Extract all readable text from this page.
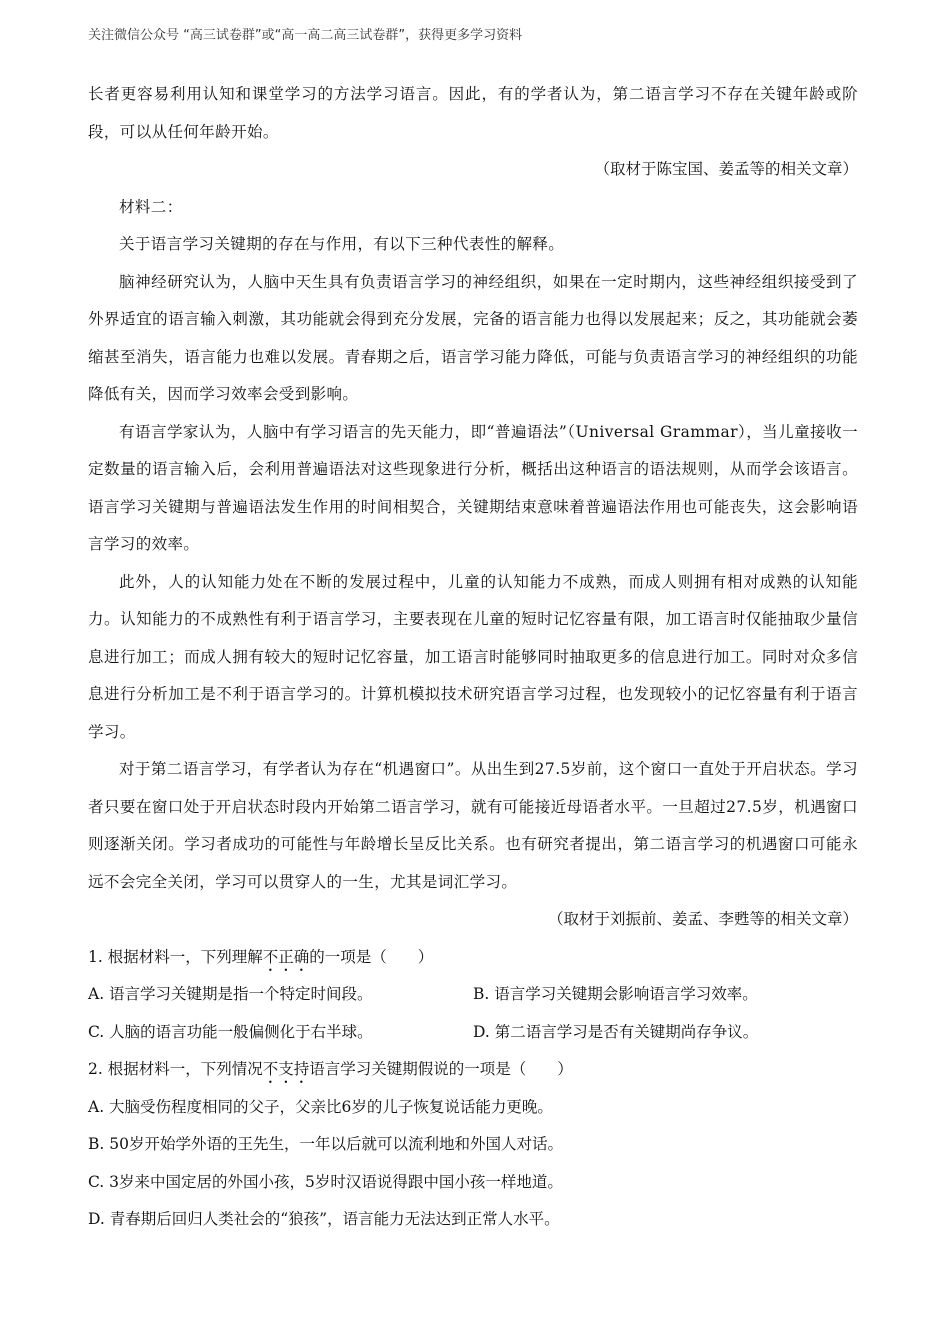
关注微信公众号 “高三试卷群”或“高一高二高三试卷群”，获得更多学习资料

长者更容易利用认知和课堂学习的方法学习语言。因此，有的学者认为，第二语言学习不存在关键年龄或阶段，可以从任何年龄开始。

（取材于陈宝国、姜孟等的相关文章）

材料二：

关于语言学习关键期的存在与作用，有以下三种代表性的解释。

脑神经研究认为，人脑中天生具有负责语言学习的神经组织，如果在一定时期内，这些神经组织接受到了外界适宜的语言输入刺激，其功能就会得到充分发展，完备的语言能力也得以发展起来；反之，其功能就会萎缩甚至消失，语言能力也难以发展。青春期之后，语言学习能力降低，可能与负责语言学习的神经组织的功能降低有关，因而学习效率会受到影响。

有语言学家认为，人脑中有学习语言的先天能力，即“普遍语法”（Universal Grammar），当儿童接收一定数量的语言输入后，会利用普遍语法对这些现象进行分析，概括出这种语言的语法规则，从而学会该语言。语言学习关键期与普遍语法发生作用的时间相契合，关键期结束意味着普遍语法作用也可能丧失，这会影响语言学习的效率。

此外，人的认知能力处在不断的发展过程中，儿童的认知能力不成熟，而成人则拥有相对成熟的认知能力。认知能力的不成熟性有利于语言学习，主要表现在儿童的短时记忆容量有限，加工语言时仅能抽取少量信息进行加工；而成人拥有较大的短时记忆容量，加工语言时能够同时抽取更多的信息进行加工。同时对众多信息进行分析加工是不利于语言学习的。计算机模拟技术研究语言学习过程，也发现较小的记忆容量有利于语言学习。

对于第二语言学习，有学者认为存在“机遇窗口”。从出生到27.5岁前，这个窗口一直处于开启状态。学习者只要在窗口处于开启状态时段内开始第二语言学习，就有可能接近母语者水平。一旦超过27.5岁，机遇窗口则逐渐关闭。学习者成功的可能性与年龄增长呈反比关系。也有研究者提出，第二语言学习的机遇窗口可能永远不会完全关闭，学习可以贯穿人的一生，尤其是词汇学习。

（取材于刘振前、姜孟、李甦等的相关文章）

1. 根据材料一，下列理解不正确的一项是（　　）

A. 语言学习关键期是指一个特定时间段。	B. 语言学习关键期会影响语言学习效率。
C. 人脑的语言功能一般偏侧化于右半球。	D. 第二语言学习是否有关键期尚存争议。

2. 根据材料一，下列情况不支持语言学习关键期假说的一项是（　　）

A. 大脑受伤程度相同的父子，父亲比6岁的儿子恢复说话能力更晚。

B. 50岁开始学外语的王先生，一年以后就可以流利地和外国人对话。

C. 3岁来中国定居的外国小孩，5岁时汉语说得跟中国小孩一样地道。

D. 青春期后回归人类社会的“狼孩”，语言能力无法达到正常人水平。
